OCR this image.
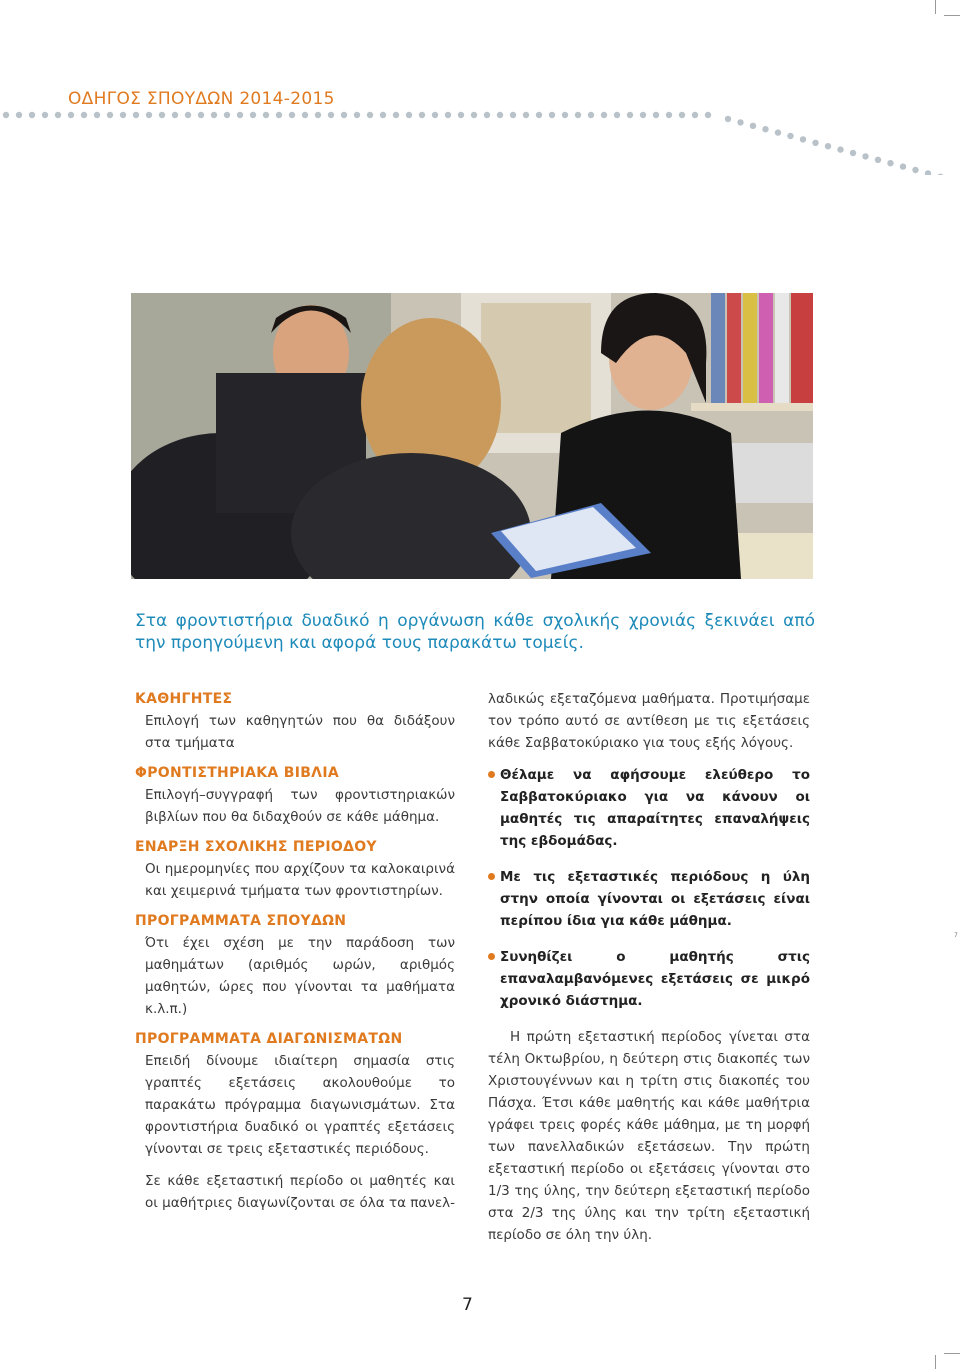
ΟΔΗΓΟΣ ΣΠΟΥΔΩΝ 2014-2015
Στα φροντιστήρια δυαδικό η οργάνωση κάθε σχολικής χρονιάς ξεκινάει από την προηγούμενη και αφορά τους παρακάτω τομείς.

ΚΑΘΗΓΗΤΕΣ

Επιλογή των καθηγητών που θα διδάξουν στα τμήματα

ΦΡΟΝΤΙΣΤΗΡΙΑΚΑ ΒΙΒΛΙΑ

Επιλογή–συγγραφή των φροντιστηριακών βιβλίων που θα διδαχθούν σε κάθε μάθημα.

ΕΝΑΡΞΗ ΣΧΟΛΙΚΗΣ ΠΕΡΙΟΔΟΥ

Οι ημερομηνίες που αρχίζουν τα καλοκαιρινά και χειμερινά τμήματα των φροντιστηρίων.

ΠΡΟΓΡΑΜΜΑΤΑ ΣΠΟΥΔΩΝ

Ότι έχει σχέση με την παράδοση των μαθημάτων (αριθμός ωρών, αριθμός μαθητών, ώρες που γίνονται τα μαθήματα κ.λ.π.)

ΠΡΟΓΡΑΜΜΑΤΑ ΔΙΑΓΩΝΙΣΜΑΤΩΝ

Επειδή δίνουμε ιδιαίτερη σημασία στις γραπτές εξετάσεις ακολουθούμε το παρακάτω πρόγραμμα διαγωνισμάτων. Στα φροντιστήρια δυαδικό οι γραπτές εξετάσεις γίνονται σε τρεις εξεταστικές περιόδους.

Σε κάθε εξεταστική περίοδο οι μαθητές και οι μαθήτριες διαγωνίζονται σε όλα τα πανελ-

λαδικώς εξεταζόμενα μαθήματα. Προτιμήσαμε τον τρόπο αυτό σε αντίθεση με τις εξετάσεις κάθε Σαββατοκύριακο για τους εξής λόγους.

Θέλαμε να αφήσουμε ελεύθερο το Σαββατοκύριακο για να κάνουν οι μαθητές τις απαραίτητες επαναλήψεις της εβδομάδας.
Με τις εξεταστικές περιόδους η ύλη στην οποία γίνονται οι εξετάσεις είναι περίπου ίδια για κάθε μάθημα.
Συνηθίζει ο μαθητής στις επαναλαμβανόμενες εξετάσεις σε μικρό χρονικό διάστημα.

Η πρώτη εξεταστική περίοδος γίνεται στα τέλη Οκτωβρίου, η δεύτερη στις διακοπές των Χριστουγέννων και η τρίτη στις διακοπές του Πάσχα. Έτσι κάθε μαθητής και κάθε μαθήτρια γράφει τρεις φορές κάθε μάθημα, με τη μορφή των πανελλαδικών εξετάσεων. Την πρώτη εξεταστική περίοδο οι εξετάσεις γίνονται στο 1/3 της ύλης, την δεύτερη εξεταστική περίοδο στα 2/3 της ύλης και την τρίτη εξεταστική περίοδο σε όλη την ύλη.

7
7
